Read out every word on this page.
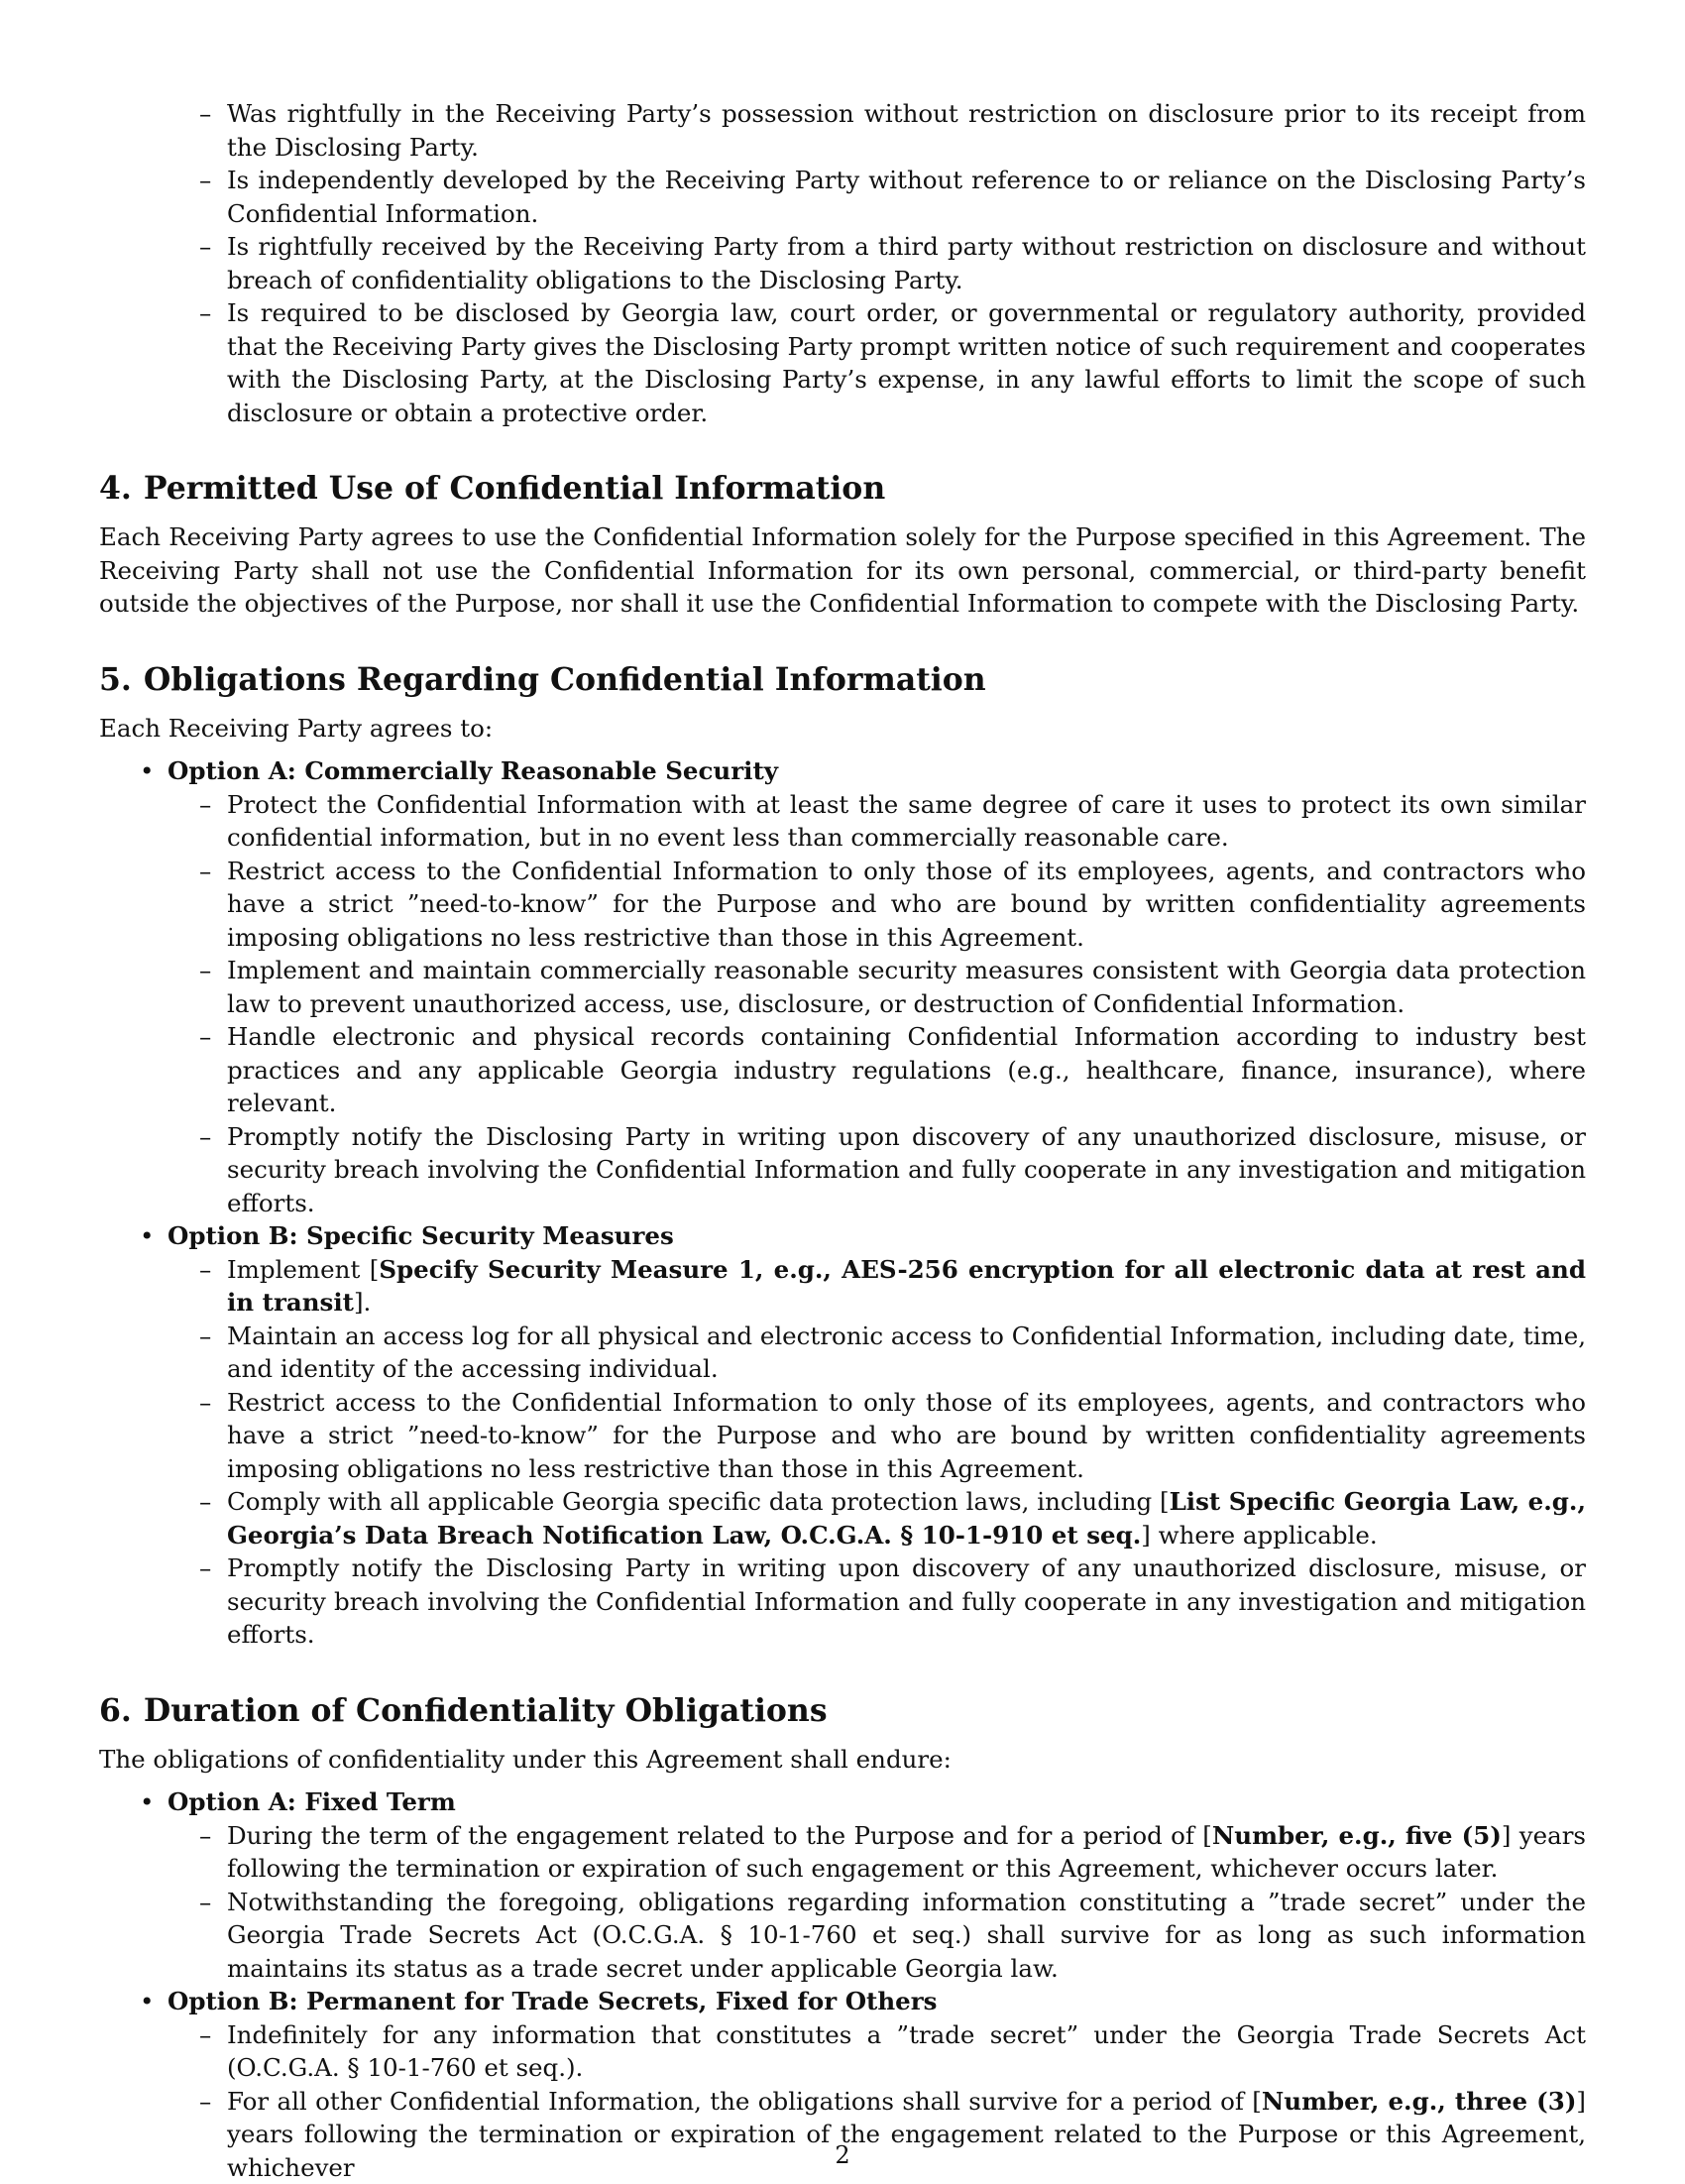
– Was rightfully in the Receiving Party’s possession without restriction on disclosure prior to its receipt from the Disclosing Party.
– Is independently developed by the Receiving Party without reference to or reliance on the Disclosing Party’s Confidential Information.
– Is rightfully received by the Receiving Party from a third party without restriction on disclosure and without breach of confidentiality obligations to the Disclosing Party.
– Is required to be disclosed by Georgia law, court order, or governmental or regulatory authority, provided that the Receiving Party gives the Disclosing Party prompt written notice of such requirement and cooperates with the Disclosing Party, at the Disclosing Party’s expense, in any lawful efforts to limit the scope of such disclosure or obtain a protective order.
4. Permitted Use of Confidential Information

Each Receiving Party agrees to use the Confidential Information solely for the Purpose specified in this Agreement. The Receiving Party shall not use the Confidential Information for its own personal, commercial, or third-party benefit outside the objectives of the Purpose, nor shall it use the Confidential Information to compete with the Disclosing Party.

5. Obligations Regarding Confidential Information

Each Receiving Party agrees to:

• Option A: Commercially Reasonable Security
– Protect the Confidential Information with at least the same degree of care it uses to protect its own similar confidential information, but in no event less than commercially reasonable care.
– Restrict access to the Confidential Information to only those of its employees, agents, and contractors who have a strict ”need-to-know” for the Purpose and who are bound by written confidentiality agreements imposing obligations no less restrictive than those in this Agreement.
– Implement and maintain commercially reasonable security measures consistent with Georgia data protection law to prevent unauthorized access, use, disclosure, or destruction of Confidential Information.
– Handle electronic and physical records containing Confidential Information according to industry best practices and any applicable Georgia industry regulations (e.g., healthcare, finance, insurance), where relevant.
– Promptly notify the Disclosing Party in writing upon discovery of any unauthorized disclosure, misuse, or security breach involving the Confidential Information and fully cooperate in any investigation and mitigation efforts.
• Option B: Specific Security Measures
– Implement [Specify Security Measure 1, e.g., AES-256 encryption for all electronic data at rest and in transit].
– Maintain an access log for all physical and electronic access to Confidential Information, including date, time, and identity of the accessing individual.
– Restrict access to the Confidential Information to only those of its employees, agents, and contractors who have a strict ”need-to-know” for the Purpose and who are bound by written confidentiality agreements imposing obligations no less restrictive than those in this Agreement.
– Comply with all applicable Georgia specific data protection laws, including [List Specific Georgia Law, e.g., Georgia’s Data Breach Notification Law, O.C.G.A. § 10-1-910 et seq.] where applicable.
– Promptly notify the Disclosing Party in writing upon discovery of any unauthorized disclosure, misuse, or security breach involving the Confidential Information and fully cooperate in any investigation and mitigation efforts.
6. Duration of Confidentiality Obligations

The obligations of confidentiality under this Agreement shall endure:

• Option A: Fixed Term
– During the term of the engagement related to the Purpose and for a period of [Number, e.g., five (5)] years following the termination or expiration of such engagement or this Agreement, whichever occurs later.
– Notwithstanding the foregoing, obligations regarding information constituting a ”trade secret” under the Georgia Trade Secrets Act (O.C.G.A. § 10-1-760 et seq.) shall survive for as long as such information maintains its status as a trade secret under applicable Georgia law.
• Option B: Permanent for Trade Secrets, Fixed for Others
– Indefinitely for any information that constitutes a ”trade secret” under the Georgia Trade Secrets Act (O.C.G.A. § 10-1-760 et seq.).
– For all other Confidential Information, the obligations shall survive for a period of [Number, e.g., three (3)] years following the termination or expiration of the engagement related to the Purpose or this Agreement, whichever	2
